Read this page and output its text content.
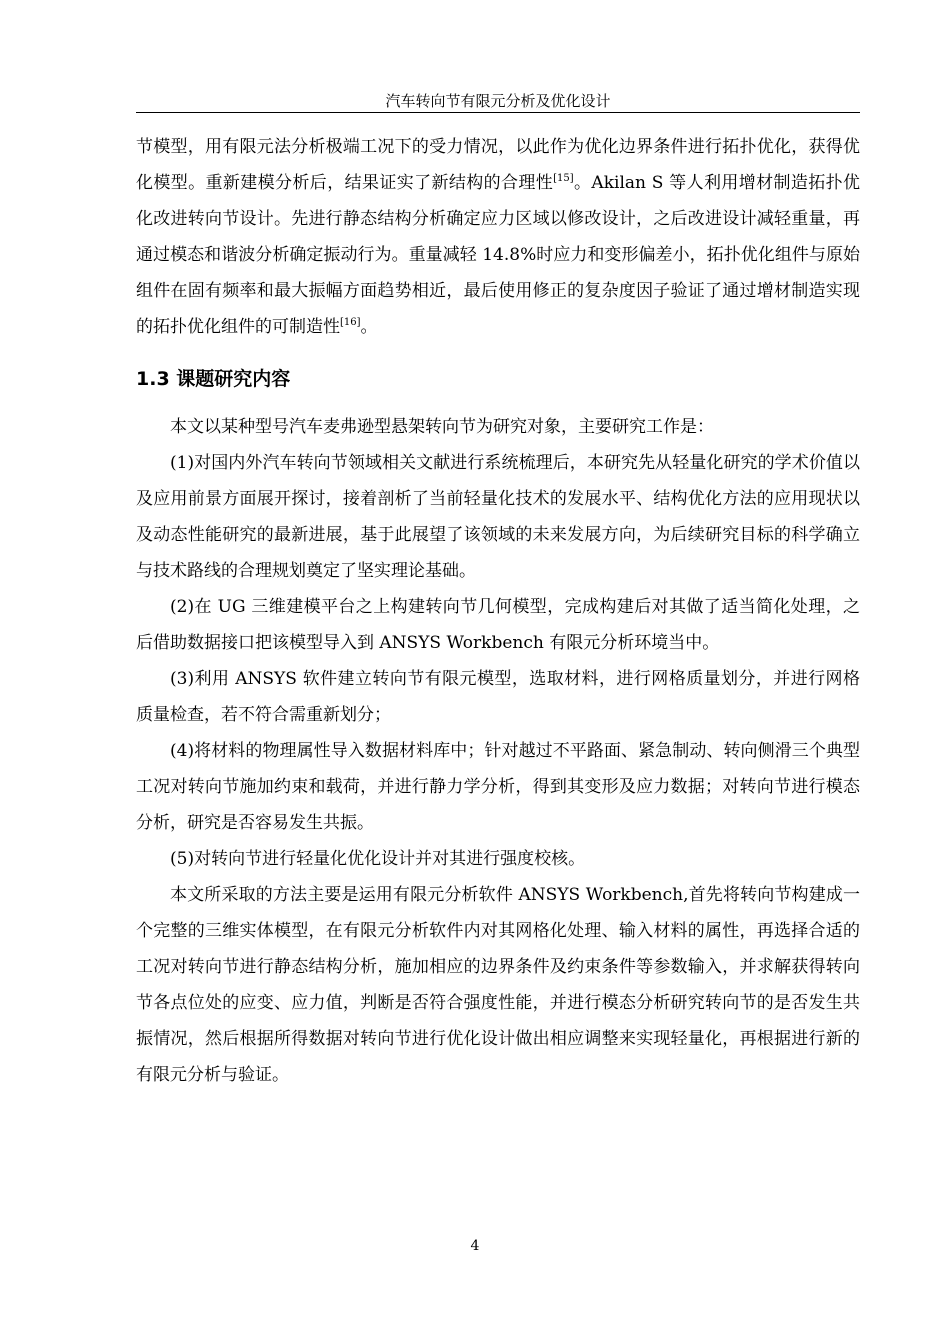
汽车转向节有限元分析及优化设计

节模型，用有限元法分析极端工况下的受力情况，以此作为优化边界条件进行拓扑优化，获得优化模型。重新建模分析后，结果证实了新结构的合理性[15]。Akilan S 等人利用增材制造拓扑优化改进转向节设计。先进行静态结构分析确定应力区域以修改设计，之后改进设计减轻重量，再通过模态和谐波分析确定振动行为。重量减轻 14.8%时应力和变形偏差小，拓扑优化组件与原始组件在固有频率和最大振幅方面趋势相近，最后使用修正的复杂度因子验证了通过增材制造实现的拓扑优化组件的可制造性[16]。

1.3 课题研究内容

本文以某种型号汽车麦弗逊型悬架转向节为研究对象，主要研究工作是：

(1)对国内外汽车转向节领域相关文献进行系统梳理后，本研究先从轻量化研究的学术价值以及应用前景方面展开探讨，接着剖析了当前轻量化技术的发展水平、结构优化方法的应用现状以及动态性能研究的最新进展，基于此展望了该领域的未来发展方向，为后续研究目标的科学确立与技术路线的合理规划奠定了坚实理论基础。

(2)在 UG 三维建模平台之上构建转向节几何模型，完成构建后对其做了适当简化处理，之后借助数据接口把该模型导入到 ANSYS Workbench 有限元分析环境当中。

(3)利用 ANSYS 软件建立转向节有限元模型，选取材料，进行网格质量划分，并进行网格质量检查，若不符合需重新划分；

(4)将材料的物理属性导入数据材料库中；针对越过不平路面、紧急制动、转向侧滑三个典型工况对转向节施加约束和载荷，并进行静力学分析，得到其变形及应力数据；对转向节进行模态分析，研究是否容易发生共振。

(5)对转向节进行轻量化优化设计并对其进行强度校核。

本文所采取的方法主要是运用有限元分析软件 ANSYS Workbench,首先将转向节构建成一个完整的三维实体模型，在有限元分析软件内对其网格化处理、输入材料的属性，再选择合适的工况对转向节进行静态结构分析，施加相应的边界条件及约束条件等参数输入，并求解获得转向节各点位处的应变、应力值，判断是否符合强度性能，并进行模态分析研究转向节的是否发生共振情况，然后根据所得数据对转向节进行优化设计做出相应调整来实现轻量化，再根据进行新的有限元分析与验证。

4
